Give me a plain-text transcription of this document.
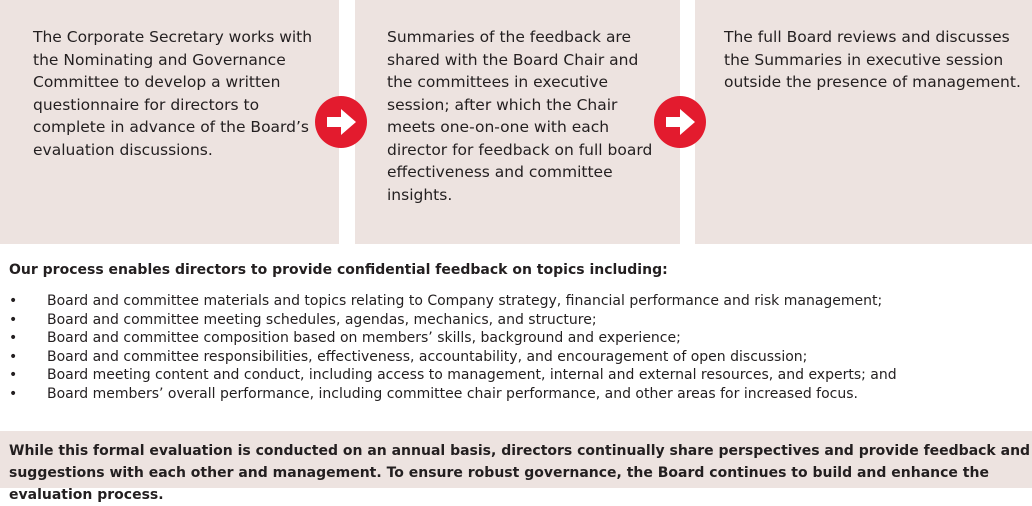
The Corporate Secretary works with the Nominating and Governance Committee to develop a written questionnaire for directors to complete in advance of the Board’s evaluation discussions.
Summaries of the feedback are shared with the Board Chair and the committees in executive session; after which the Chair meets one-on-one with each director for feedback on full board effectiveness and committee insights.
The full Board reviews and discusses the Summaries in executive session outside the presence of management.
Our process enables directors to provide confidential feedback on topics including:
• Board and committee materials and topics relating to Company strategy, financial performance and risk management;
• Board and committee meeting schedules, agendas, mechanics, and structure;
• Board and committee composition based on members’ skills, background and experience;
• Board and committee responsibilities, effectiveness, accountability, and encouragement of open discussion;
• Board meeting content and conduct, including access to management, internal and external resources, and experts; and
• Board members’ overall performance, including committee chair performance, and other areas for increased focus.
While this formal evaluation is conducted on an annual basis, directors continually share perspectives and provide feedback and suggestions with each other and management. To ensure robust governance, the Board continues to build and enhance the evaluation process.
